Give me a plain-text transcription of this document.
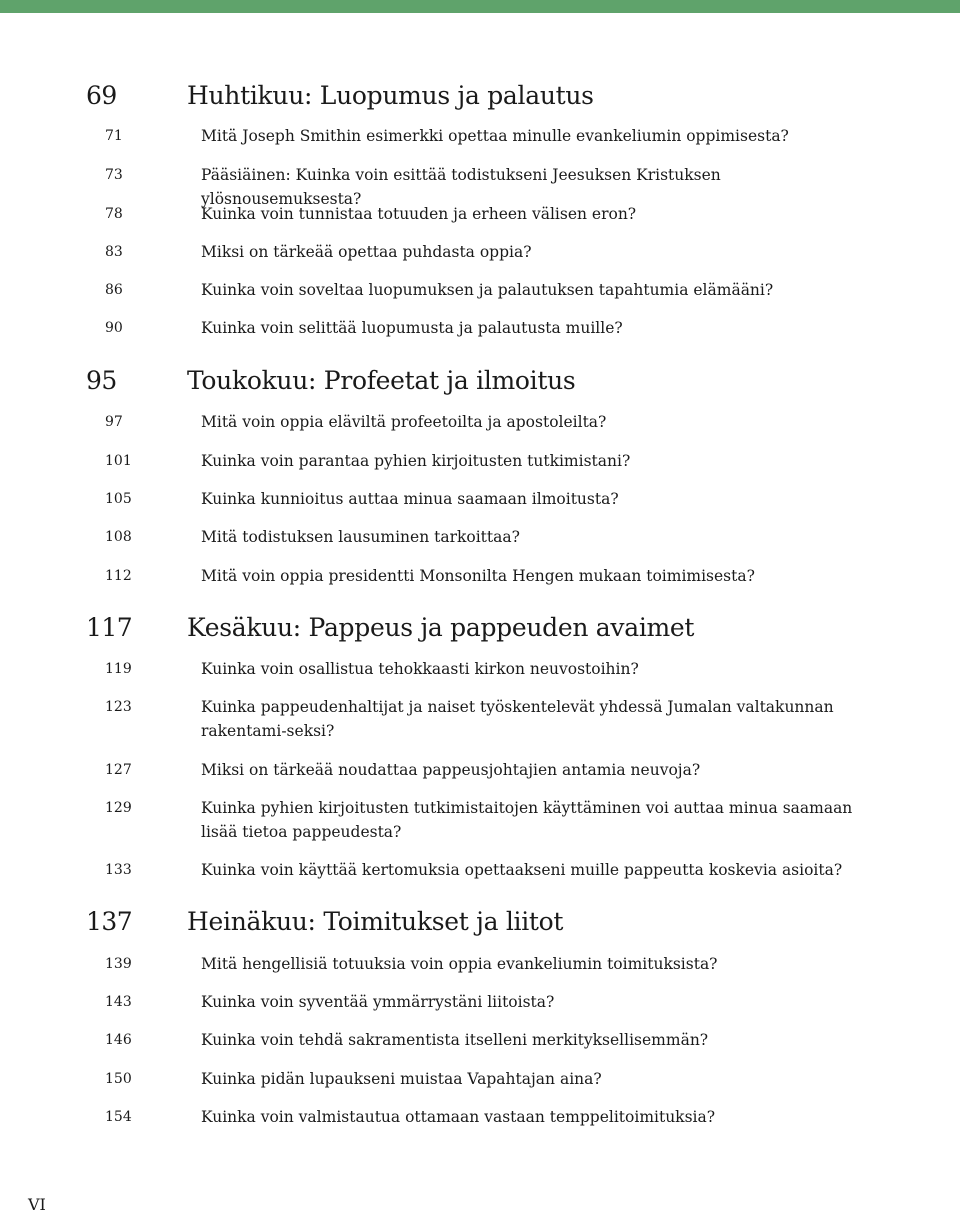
69	Huhtikuu: Luopumus ja palautus
71	Mitä Joseph Smithin esimerkki opettaa minulle evankeliumin oppimisesta?
73	Pääsiäinen: Kuinka voin esittää todistukseni Jeesuksen Kristuksen ylösnousemuksesta?
78	Kuinka voin tunnistaa totuuden ja erheen välisen eron?
83	Miksi on tärkeää opettaa puhdasta oppia?
86	Kuinka voin soveltaa luopumuksen ja palautuksen tapahtumia elämääni?
90	Kuinka voin selittää luopumusta ja palautusta muille?
95	Toukokuu: Profeetat ja ilmoitus
97	Mitä voin oppia eläviltä profeetoilta ja apostoleilta?
101	Kuinka voin parantaa pyhien kirjoitusten tutkimistani?
105	Kuinka kunnioitus auttaa minua saamaan ilmoitusta?
108	Mitä todistuksen lausuminen tarkoittaa?
112	Mitä voin oppia presidentti Monsonilta Hengen mukaan toimimisesta?
117 Kesäkuu: Pappeus ja pappeuden avaimet
119	Kuinka voin osallistua tehokkaasti kirkon neuvostoihin?
123	Kuinka pappeudenhaltijat ja naiset työskentelevät yhdessä Jumalan valtakunnan rakentami-seksi?
127	Miksi on tärkeää noudattaa pappeusjohtajien antamia neuvoja?
129	Kuinka pyhien kirjoitusten tutkimistaitojen käyttäminen voi auttaa minua saamaan lisää tietoa pappeudesta?
133	Kuinka voin käyttää kertomuksia opettaakseni muille pappeutta koskevia asioita?
137 Heinäkuu: Toimitukset ja liitot
139	Mitä hengellisiä totuuksia voin oppia evankeliumin toimituksista?
143	Kuinka voin syventää ymmärrystäni liitoista?
146	Kuinka voin tehdä sakramentista itselleni merkityksellisemmän?
150	Kuinka pidän lupaukseni muistaa Vapahtajan aina?
154	Kuinka voin valmistautua ottamaan vastaan temppelitoimituksia?
VI
